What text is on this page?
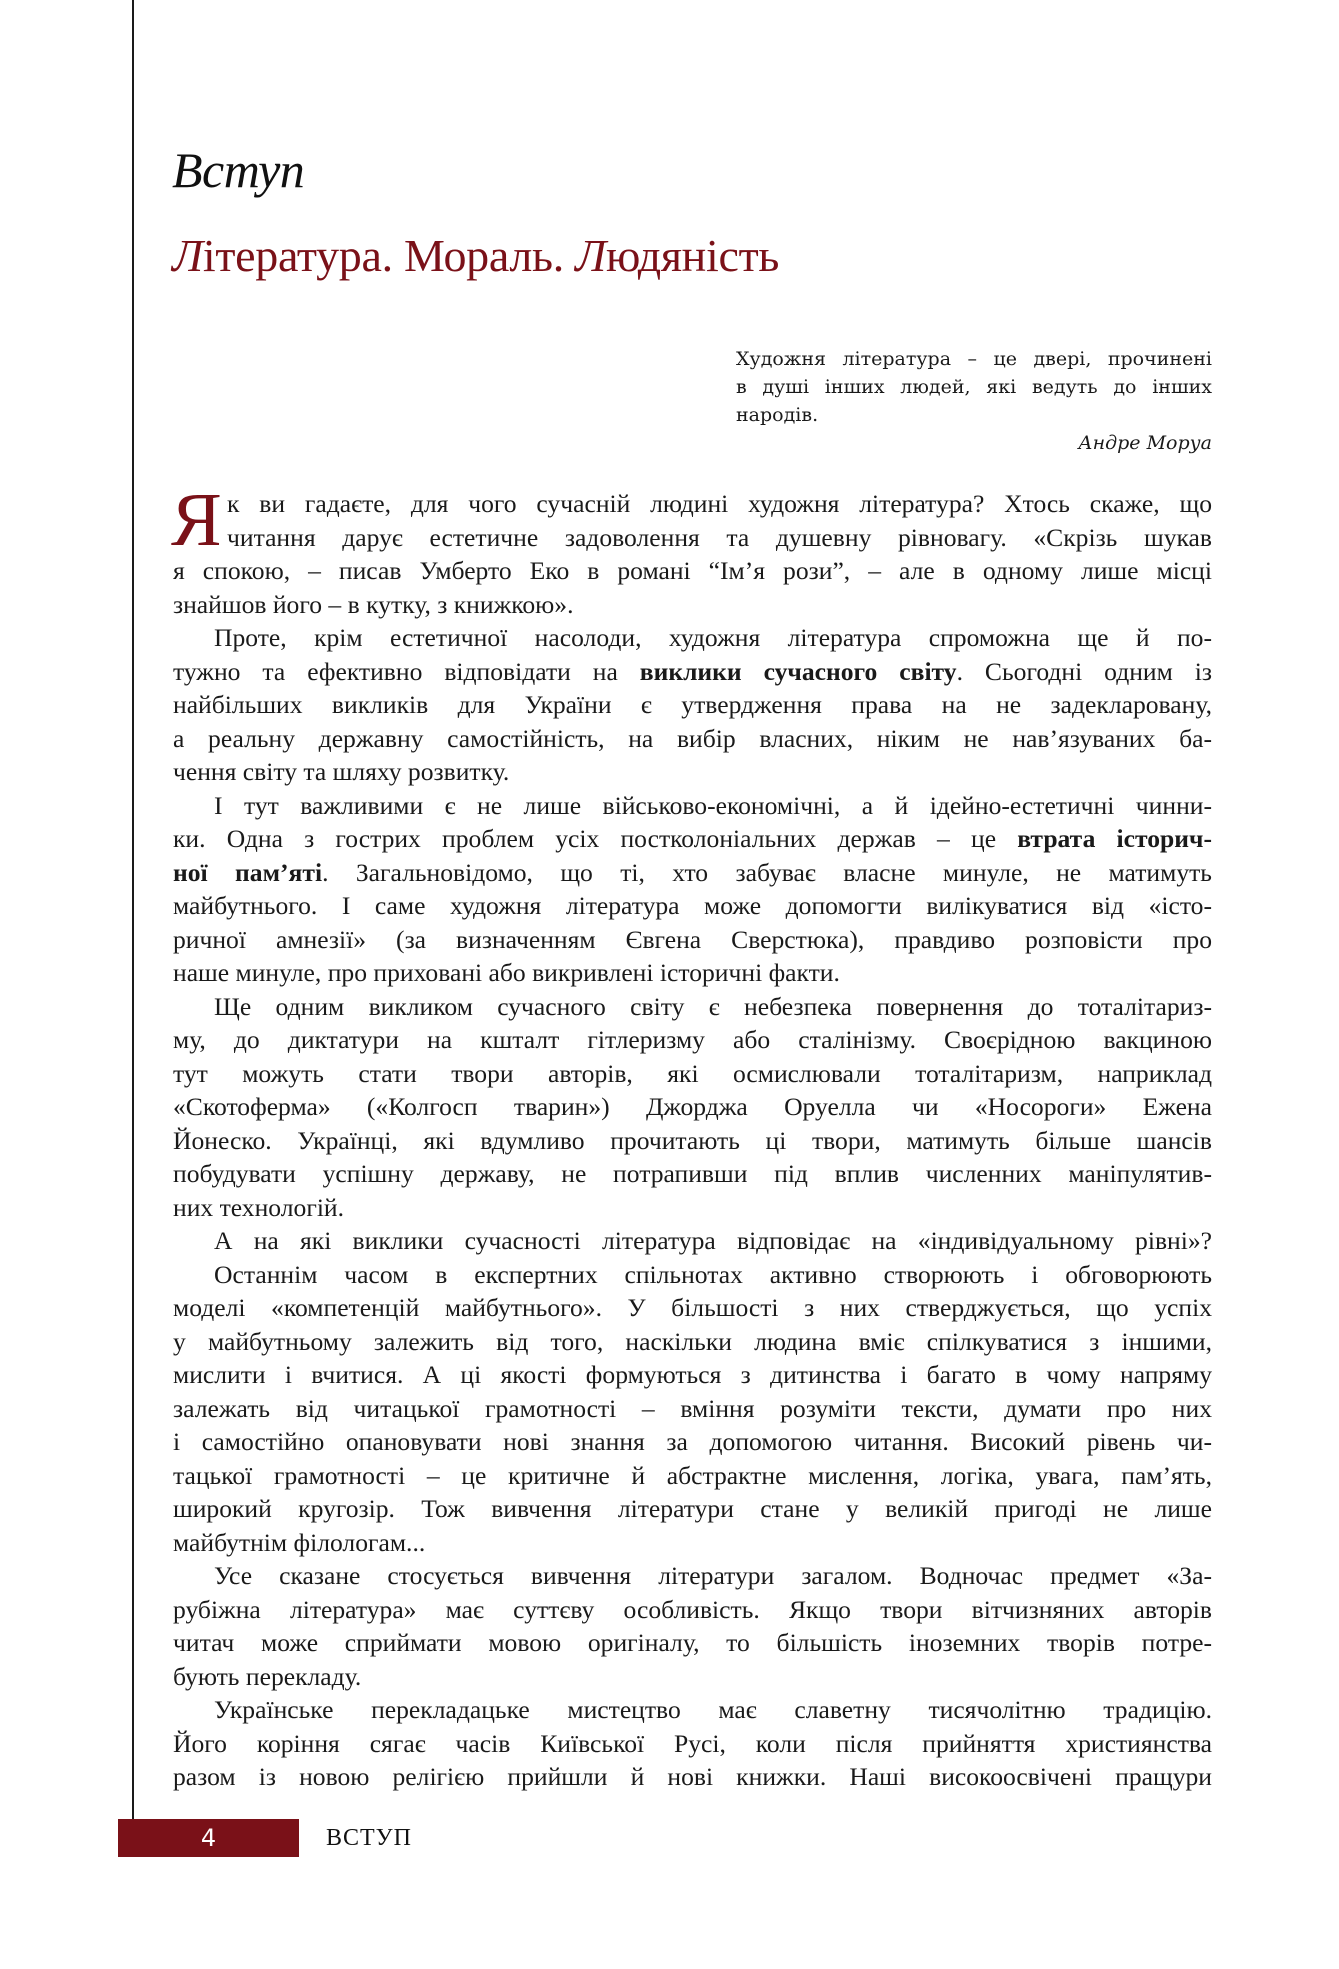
Вступ
Література. Мораль. Людяність
Художня література – це двері, прочинені
в душі інших людей, які ведуть до інших
народів.
Андре Моруа
Я к ви гадаєте, для чого сучасній людині художня література? Хтось скаже, що
читання дарує естетичне задоволення та душевну рівновагу. «Скрізь шукав
я спокою, – писав Умберто Еко в романі “Ім’я рози”, – але в одному лише місці
знайшов його – в кутку, з книжкою».
Проте, крім естетичної насолоди, художня література спроможна ще й по-
тужно та ефективно відповідати на виклики сучасного світу. Сьогодні одним із
найбільших викликів для України є утвердження права на не задекларовану,
а реальну державну самостійність, на вибір власних, ніким не нав’язуваних ба-
чення світу та шляху розвитку.
І тут важливими є не лише військово-економічні, а й ідейно-естетичні чинни-
ки. Одна з гострих проблем усіх постколоніальних держав – це втрата історич-
ної пам’яті. Загальновідомо, що ті, хто забуває власне минуле, не матимуть
майбутнього. І саме художня література може допомогти вилікуватися від «істо-
ричної амнезії» (за визначенням Євгена Сверстюка), правдиво розповісти про
наше минуле, про приховані або викривлені історичні факти.
Ще одним викликом сучасного світу є небезпека повернення до тоталітариз-
му, до диктатури на кшталт гітлеризму або сталінізму. Своєрідною вакциною
тут можуть стати твори авторів, які осмислювали тоталітаризм, наприклад
«Скотоферма» («Колгосп тварин») Джорджа Оруелла чи «Носороги» Ежена
Йонеско. Українці, які вдумливо прочитають ці твори, матимуть більше шансів
побудувати успішну державу, не потрапивши під вплив численних маніпулятив-
них технологій.
А на які виклики сучасності література відповідає на «індивідуальному рівні»?
Останнім часом в експертних спільнотах активно створюють і обговорюють
моделі «компетенцій майбутнього». У більшості з них стверджується, що успіх
у майбутньому залежить від того, наскільки людина вміє спілкуватися з іншими,
мислити і вчитися. А ці якості формуються з дитинства і багато в чому напряму
залежать від читацької грамотності – вміння розуміти тексти, думати про них
і самостійно опановувати нові знання за допомогою читання. Високий рівень чи-
тацької грамотності – це критичне й абстрактне мислення, логіка, увага, пам’ять,
широкий кругозір. Тож вивчення літератури стане у великій пригоді не лише
майбутнім філологам...
Усе сказане стосується вивчення літератури загалом. Водночас предмет «За-
рубіжна література» має суттєву особливість. Якщо твори вітчизняних авторів
читач може сприймати мовою оригіналу, то більшість іноземних творів потре-
бують перекладу.
Українське перекладацьке мистецтво має славетну тисячолітню традицію.
Його коріння сягає часів Київської Русі, коли після прийняття християнства
разом із новою релігією прийшли й нові книжки. Наші високоосвічені пращури
4	ВСТУП
